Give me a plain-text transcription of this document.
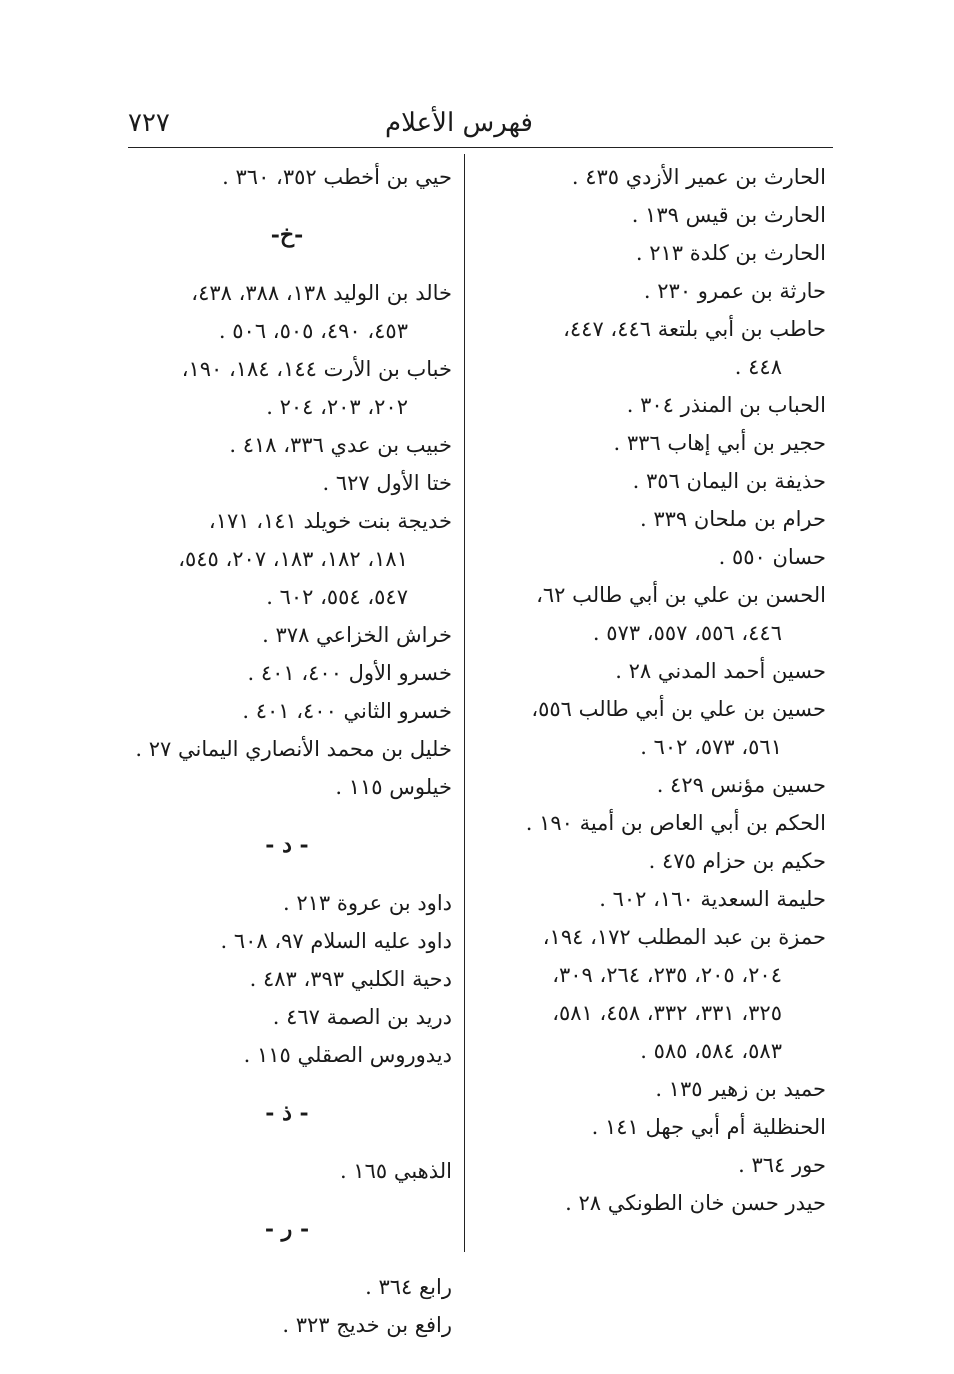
٧٢٧	فهرس الأعلام
الحارث بن عمير الأزدي ٤٣٥ .
الحارث بن قيس ١٣٩ .
الحارث بن كلدة ٢١٣ .
حارثة بن عمرو ٢٣٠ .
حاطب بن أبي بلتعة ٤٤٦، ٤٤٧،
٤٤٨ .
الحباب بن المنذر ٣٠٤ .
حجير بن أبي إهاب ٣٣٦ .
حذيفة بن اليمان ٣٥٦ .
حرام بن ملحان ٣٣٩ .
حسان ٥٥٠ .
الحسن بن علي بن أبي طالب ٦٢،
٤٤٦، ٥٥٦، ٥٥٧، ٥٧٣ .
حسين أحمد المدني ٢٨ .
حسين بن علي بن أبي طالب ٥٥٦،
٥٦١، ٥٧٣، ٦٠٢ .
حسين مؤنس ٤٢٩ .
الحكم بن أبي العاص بن أمية ١٩٠ .
حكيم بن حزام ٤٧٥ .
حليمة السعدية ١٦٠، ٦٠٢ .
حمزة بن عبد المطلب ١٧٢، ١٩٤،
٢٠٤، ٢٠٥، ٢٣٥، ٢٦٤، ٣٠٩،
٣٢٥، ٣٣١، ٣٣٢، ٤٥٨، ٥٨١،
٥٨٣، ٥٨٤، ٥٨٥ .
حميد بن زهير ١٣٥ .
الحنظلية أم أبي جهل ١٤١ .
حور ٣٦٤ .
حيدر حسن خان الطونكي ٢٨ .
حيي بن أخطب ٣٥٢، ٣٦٠ .
-خ-
خالد بن الوليد ١٣٨، ٣٨٨، ٤٣٨،
٤٥٣، ٤٩٠، ٥٠٥، ٥٠٦ .
خباب بن الأرت ١٤٤، ١٨٤، ١٩٠،
٢٠٢، ٢٠٣، ٢٠٤ .
خبيب بن عدي ٣٣٦، ٤١٨ .
ختا الأول ٦٢٧ .
خديجة بنت خويلد ١٤١، ١٧١،
١٨١، ١٨٢، ١٨٣، ٢٠٧، ٥٤٥،
٥٤٧، ٥٥٤، ٦٠٢ .
خراش الخزاعي ٣٧٨ .
خسرو الأول ٤٠٠، ٤٠١ .
خسرو الثاني ٤٠٠، ٤٠١ .
خليل بن محمد الأنصاري اليماني ٢٧ .
خيلوس ١١٥ .
- د -
داود بن عروة ٢١٣ .
داود عليه السلام ٩٧، ٦٠٨ .
دحية الكلبي ٣٩٣، ٤٨٣ .
دريد بن الصمة ٤٦٧ .
ديدوروس الصقلي ١١٥ .
- ذ -
الذهبي ١٦٥ .
- ر -
رابع ٣٦٤ .
رافع بن خديج ٣٢٣ .
